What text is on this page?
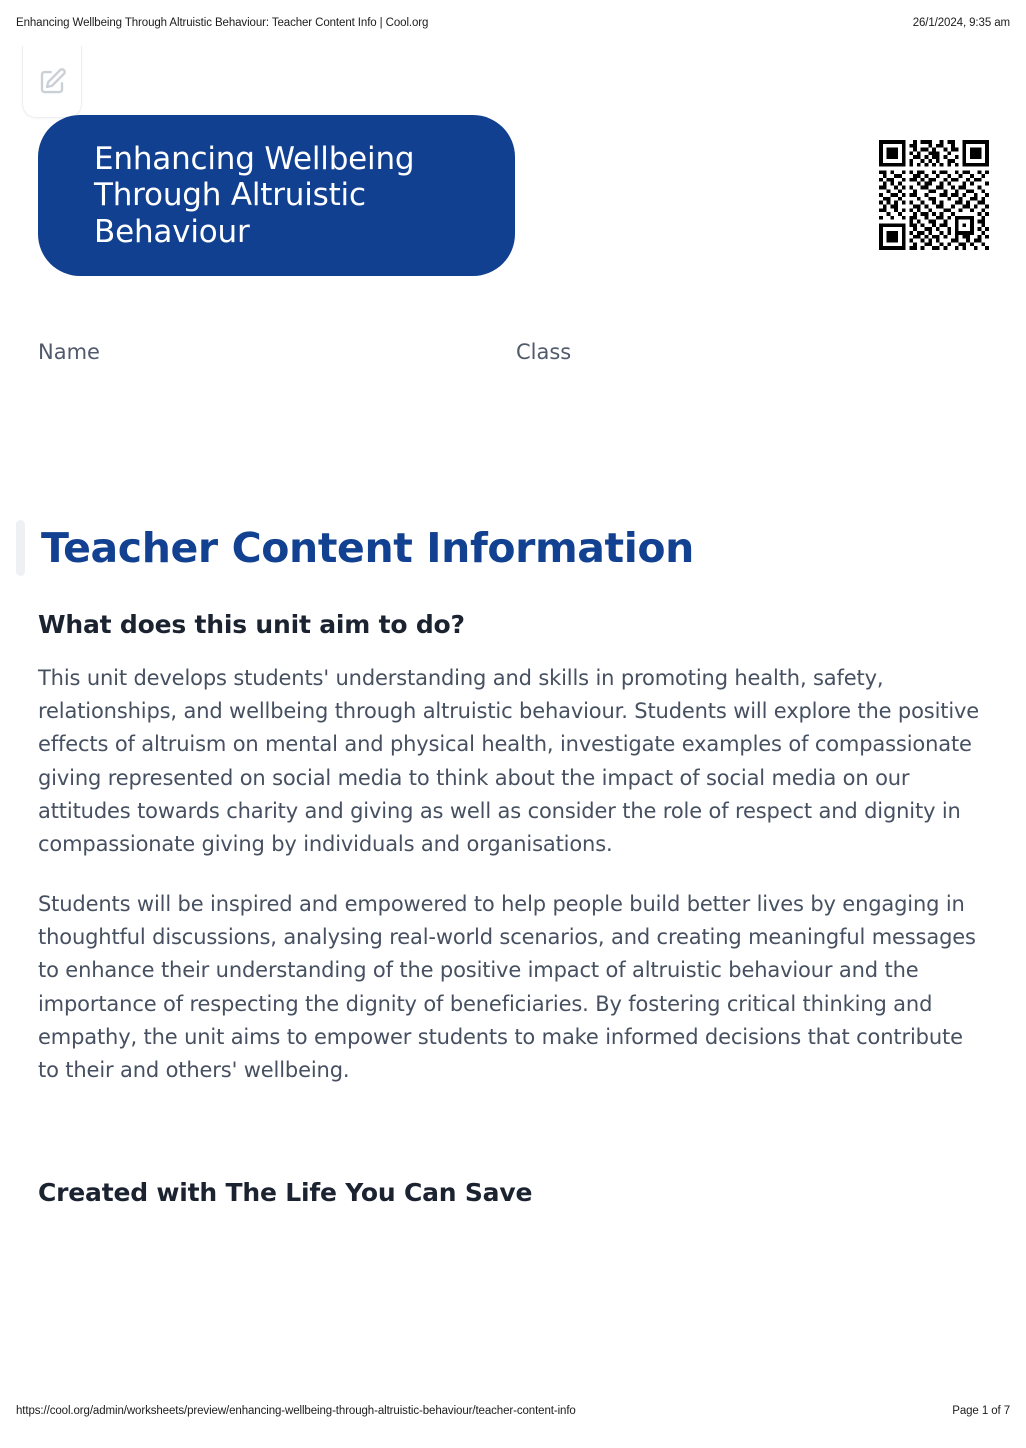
Enhancing Wellbeing Through Altruistic Behaviour: Teacher Content Info | Cool.org	26/1/2024, 9:35 am
Enhancing Wellbeing Through Altruistic Behaviour
Name	Class
Teacher Content Information
What does this unit aim to do?

This unit develops students' understanding and skills in promoting health, safety, relationships, and wellbeing through altruistic behaviour. Students will explore the positive effects of altruism on mental and physical health, investigate examples of compassionate giving represented on social media to think about the impact of social media on our attitudes towards charity and giving as well as consider the role of respect and dignity in compassionate giving by individuals and organisations.

Students will be inspired and empowered to help people build better lives by engaging in thoughtful discussions, analysing real-world scenarios, and creating meaningful messages to enhance their understanding of the positive impact of altruistic behaviour and the importance of respecting the dignity of beneficiaries. By fostering critical thinking and empathy, the unit aims to empower students to make informed decisions that contribute to their and others' wellbeing.

Created with The Life You Can Save
https://cool.org/admin/worksheets/preview/enhancing-wellbeing-through-altruistic-behaviour/teacher-content-info	Page 1 of 7
